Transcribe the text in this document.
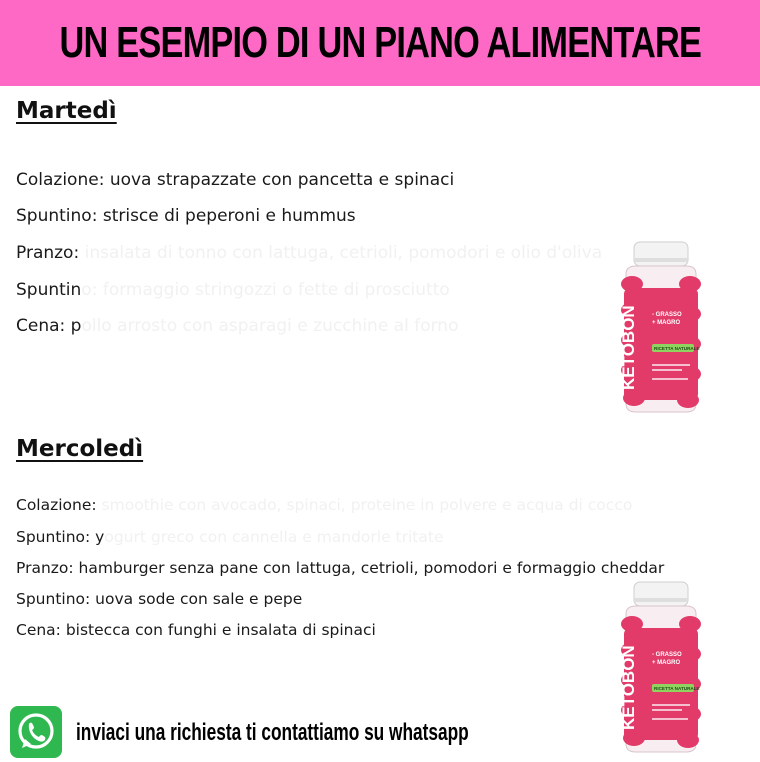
UN ESEMPIO DI UN PIANO ALIMENTARE
Martedì
Colazione: uova strapazzate con pancetta e spinaci
Spuntino: strisce di peperoni e hummus
Pranzo: insalata di tonno con lattuga, cetrioli, pomodori e olio d'oliva
Spuntino: formaggio stringozzi o fette di prosciutto
Cena: pollo arrosto con asparagi e zucchine al forno
Mercoledì
Colazione: smoothie con avocado, spinaci, proteine in polvere e acqua di cocco
Spuntino: yogurt greco con cannella e mandorle tritate
Pranzo: hamburger senza pane con lattuga, cetrioli, pomodori e formaggio cheddar
Spuntino: uova sode con sale e pepe
Cena: bistecca con funghi e insalata di spinaci
KETOBON - GRASSO
+ MAGRO
RICETTA NATURALE
KETOBON - GRASSO
+ MAGRO
RICETTA NATURALE
inviaci una richiesta ti contattiamo su whatsapp
